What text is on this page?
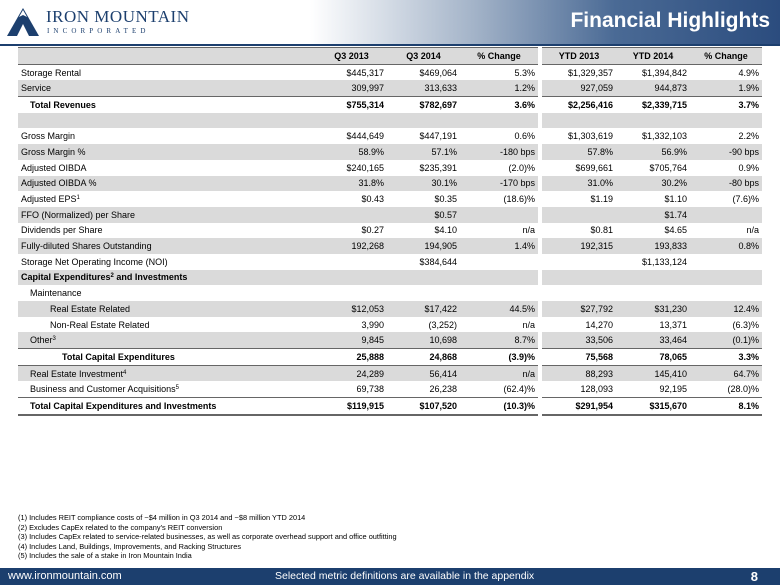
IRON MOUNTAIN
INCORPORATED	Financial Highlights
	Q3 2013	Q3 2014	% Change		YTD 2013	YTD 2014	% Change
Storage Rental	$445,317	$469,064	5.3%		$1,329,357	$1,394,842	4.9%
Service	309,997	313,633	1.2%		927,059	944,873	1.9%
Total Revenues	$755,314	$782,697	3.6%		$2,256,416	$2,339,715	3.7%

Gross Margin	$444,649	$447,191	0.6%		$1,303,619	$1,332,103	2.2%
Gross Margin %	58.9%	57.1%	-180 bps		57.8%	56.9%	-90 bps
Adjusted OIBDA	$240,165	$235,391	(2.0)%		$699,661	$705,764	0.9%
Adjusted OIBDA %	31.8%	30.1%	-170 bps		31.0%	30.2%	-80 bps
Adjusted EPS$^1$	$0.43	$0.35	(18.6)%		$1.19	$1.10	(7.6)%
FFO (Normalized) per Share		$0.57				$1.74	
Dividends per Share	$0.27	$4.10	n/a		$0.81	$4.65	n/a
Fully-diluted Shares Outstanding	192,268	194,905	1.4%		192,315	193,833	0.8%
Storage Net Operating Income (NOI)		$384,644				$1,133,124	
Capital Expenditures$^2$ and Investments							
Maintenance							
Real Estate Related	$12,053	$17,422	44.5%		$27,792	$31,230	12.4%
Non-Real Estate Related	3,990	(3,252)	n/a		14,270	13,371	(6.3)%
Other$^3$	9,845	10,698	8.7%		33,506	33,464	(0.1)%
Total Capital Expenditures	25,888	24,868	(3.9)%		75,568	78,065	3.3%
Real Estate Investment$^4$	24,289	56,414	n/a		88,293	145,410	64.7%
Business and Customer Acquisitions$^5$	69,738	26,238	(62.4)%		128,093	92,195	(28.0)%
Total Capital Expenditures and Investments	$119,915	$107,520	(10.3)%		$291,954	$315,670	8.1%
(1) Includes REIT compliance costs of ~$4 million in Q3 2014 and ~$8 million YTD 2014
(2) Excludes CapEx related to the company’s REIT conversion
(3) Includes CapEx related to service-related businesses, as well as corporate overhead support and office outfitting
(4) Includes Land, Buildings, Improvements, and Racking Structures
(5) Includes the sale of a stake in Iron Mountain India
www.ironmountain.com	Selected metric definitions are available in the appendix	8
